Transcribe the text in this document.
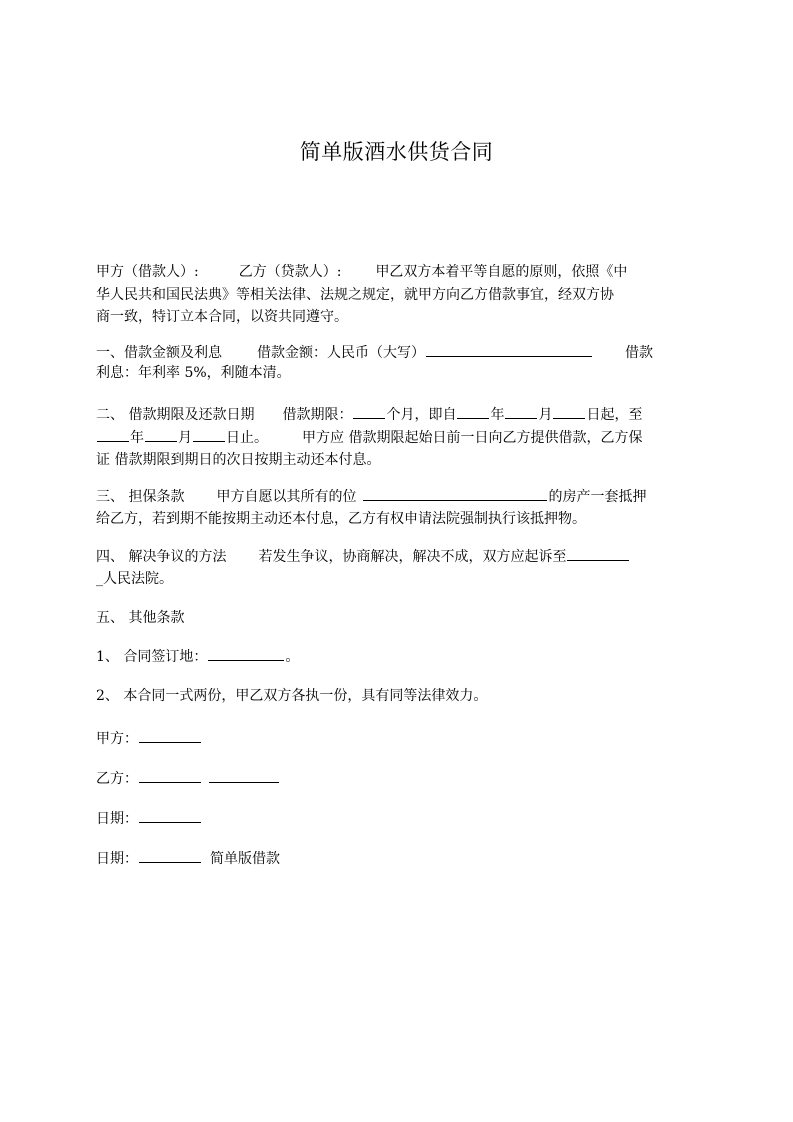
简单版酒水供货合同
甲方（借款人）:	乙方（贷款人）: 甲乙双方本着平等自愿的原则，依照《中
华人民共和国民法典》等相关法律、法规之规定，就甲方向乙方借款事宜，经双方协
商一致，特订立本合同，以资共同遵守。
一、借款金额及利息	借款金额：人民币（大写）	借款
利息：年利率 5%，利随本清。
二、 借款期限及还款日期 借款期限： 个月，即自 年 月 日起，至
年 月 日止。 甲方应 借款期限起始日前一日向乙方提供借款，乙方保
证 借款期限到期日的次日按期主动还本付息。
三、 担保条款 甲方自愿以其所有的位	的房产一套抵押
给乙方，若到期不能按期主动还本付息，乙方有权申请法院强制执行该抵押物。
四、 解决争议的方法 若发生争议，协商解决，解决不成，双方应起诉至
_人民法院。
五、 其他条款
1、 合同签订地：	。
2、 本合同一式两份，甲乙双方各执一份，具有同等法律效力。
甲方：
乙方：
日期：
日期：	简单版借款
